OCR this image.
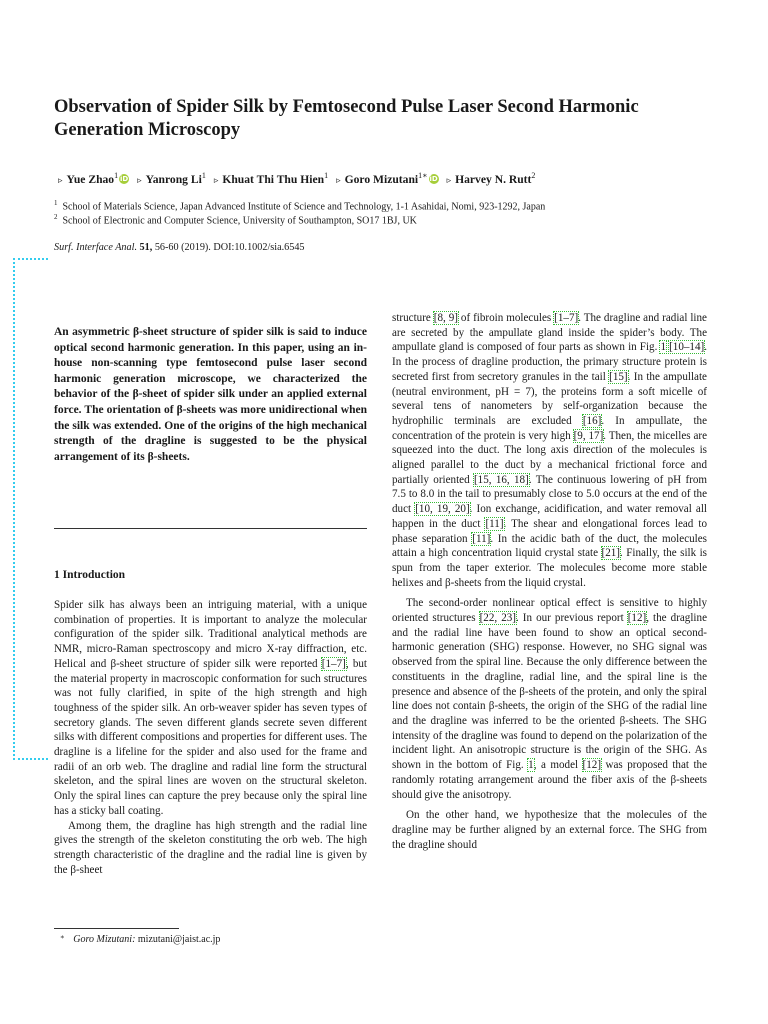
Observation of Spider Silk by Femtosecond Pulse Laser Second Harmonic Generation Microscopy
▹ Yue Zhao$^1$ iD ▹ Yanrong Li$^1$ ▹ Khuat Thi Thu Hien$^1$ ▹ Goro Mizutani$^{1∗}$ iD ▹ Harvey N. Rutt$^2$
$^1$ School of Materials Science, Japan Advanced Institute of Science and Technology, 1-1 Asahidai, Nomi, 923-1292, Japan
$^2$ School of Electronic and Computer Science, University of Southampton, SO17 1BJ, UK
Surf. Interface Anal. 51, 56-60 (2019). DOI:10.1002/sia.6545

An asymmetric β-sheet structure of spider silk is said to induce optical second harmonic generation. In this paper, using an in-house non-scanning type femtosecond pulse laser second harmonic generation microscope, we characterized the behavior of the β-sheet of spider silk under an applied external force. The orientation of β-sheets was more unidirectional when the silk was extended. One of the origins of the high mechanical strength of the dragline is suggested to be the physical arrangement of its β-sheets.

1 Introduction

Spider silk has always been an intriguing material, with a unique combination of properties. It is important to analyze the molecular configuration of the spider silk. Traditional analytical methods are NMR, micro-Raman spectroscopy and micro X-ray diffraction, etc. Helical and β-sheet structure of spider silk were reported [1–7], but the material property in macroscopic conformation for such structures was not fully clarified, in spite of the high strength and high toughness of the spider silk. An orb-weaver spider has seven types of secretory glands. The seven different glands secrete seven different silks with different compositions and properties for different uses. The dragline is a lifeline for the spider and also used for the frame and radii of an orb web. The dragline and radial line form the structural skeleton, and the spiral lines are woven on the structural skeleton. Only the spiral lines can capture the prey because only the spiral line has a sticky ball coating.

Among them, the dragline has high strength and the radial line gives the strength of the skeleton constituting the orb web. The high strength characteristic of the dragline and the radial line is given by the β-sheet

structure [8, 9] of fibroin molecules [1–7]. The dragline and radial line are secreted by the ampullate gland inside the spider’s body. The ampullate gland is composed of four parts as shown in Fig. 1 [10–14]. In the process of dragline production, the primary structure protein is secreted first from secretory granules in the tail [15]. In the ampullate (neutral environment, pH = 7), the proteins form a soft micelle of several tens of nanometers by self-organization because the hydrophilic terminals are excluded [16]. In ampullate, the concentration of the protein is very high [9, 17]. Then, the micelles are squeezed into the duct. The long axis direction of the molecules is aligned parallel to the duct by a mechanical frictional force and partially oriented [15, 16, 18]. The continuous lowering of pH from 7.5 to 8.0 in the tail to presumably close to 5.0 occurs at the end of the duct [10, 19, 20]. Ion exchange, acidification, and water removal all happen in the duct [11]. The shear and elongational forces lead to phase separation [11]. In the acidic bath of the duct, the molecules attain a high concentration liquid crystal state [21]. Finally, the silk is spun from the taper exterior. The molecules become more stable helixes and β-sheets from the liquid crystal.

The second-order nonlinear optical effect is sensitive to highly oriented structures [22, 23]. In our previous report [12], the dragline and the radial line have been found to show an optical second-harmonic generation (SHG) response. However, no SHG signal was observed from the spiral line. Because the only difference between the constituents in the dragline, radial line, and the spiral line is the presence and absence of the β-sheets of the protein, and only the spiral line does not contain β-sheets, the origin of the SHG of the radial line and the dragline was inferred to be the oriented β-sheets. The SHG intensity of the dragline was found to depend on the polarization of the incident light. An anisotropic structure is the origin of the SHG. As shown in the bottom of Fig. 1, a model [12] was proposed that the randomly rotating arrangement around the fiber axis of the β-sheets should give the anisotropy.

On the other hand, we hypothesize that the molecules of the dragline may be further aligned by an external force. The SHG from the dragline should

∗ Goro Mizutani: mizutani@jaist.ac.jp
